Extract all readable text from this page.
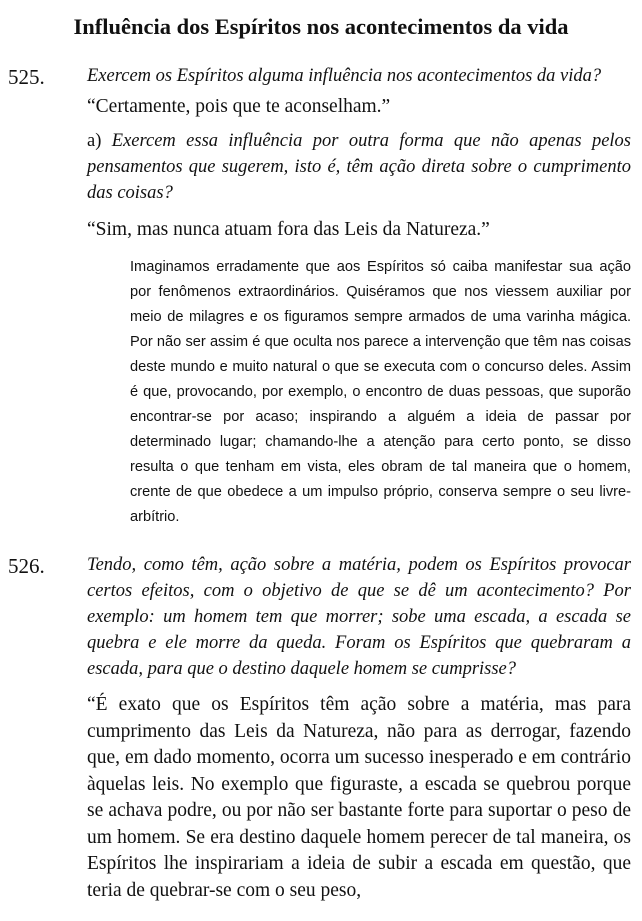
Influência dos Espíritos nos acontecimentos da vida
525. Exercem os Espíritos alguma influência nos acontecimentos da vida?

“Certamente, pois que te aconselham.”

a) Exercem essa influência por outra forma que não apenas pelos pensamentos que sugerem, isto é, têm ação direta sobre o cumprimento das coisas?

“Sim, mas nunca atuam fora das Leis da Natureza.”

Imaginamos erradamente que aos Espíritos só caiba manifestar sua ação por fenômenos extraordinários. Quiséramos que nos viessem auxiliar por meio de milagres e os figuramos sempre armados de uma varinha mágica. Por não ser assim é que oculta nos parece a intervenção que têm nas coisas deste mundo e muito natural o que se executa com o concurso deles. Assim é que, provocando, por exemplo, o encontro de duas pessoas, que suporão encontrar-se por acaso; inspirando a alguém a ideia de passar por determinado lugar; chamando-lhe a atenção para certo ponto, se disso resulta o que tenham em vista, eles obram de tal maneira que o homem, crente de que obedece a um impulso próprio, conserva sempre o seu livre-arbítrio.

526. Tendo, como têm, ação sobre a matéria, podem os Espíritos provocar certos efeitos, com o objetivo de que se dê um acontecimento? Por exemplo: um homem tem que morrer; sobe uma escada, a escada se quebra e ele morre da queda. Foram os Espíritos que quebraram a escada, para que o destino daquele homem se cumprisse?

“É exato que os Espíritos têm ação sobre a matéria, mas para cumprimento das Leis da Natureza, não para as derrogar, fazendo que, em dado momento, ocorra um sucesso inesperado e em contrário àquelas leis. No exemplo que figuraste, a escada se quebrou porque se achava podre, ou por não ser bastante forte para suportar o peso de um homem. Se era destino daquele homem perecer de tal maneira, os Espíritos lhe inspirariam a ideia de subir a escada em questão, que teria de quebrar-se com o seu peso,
